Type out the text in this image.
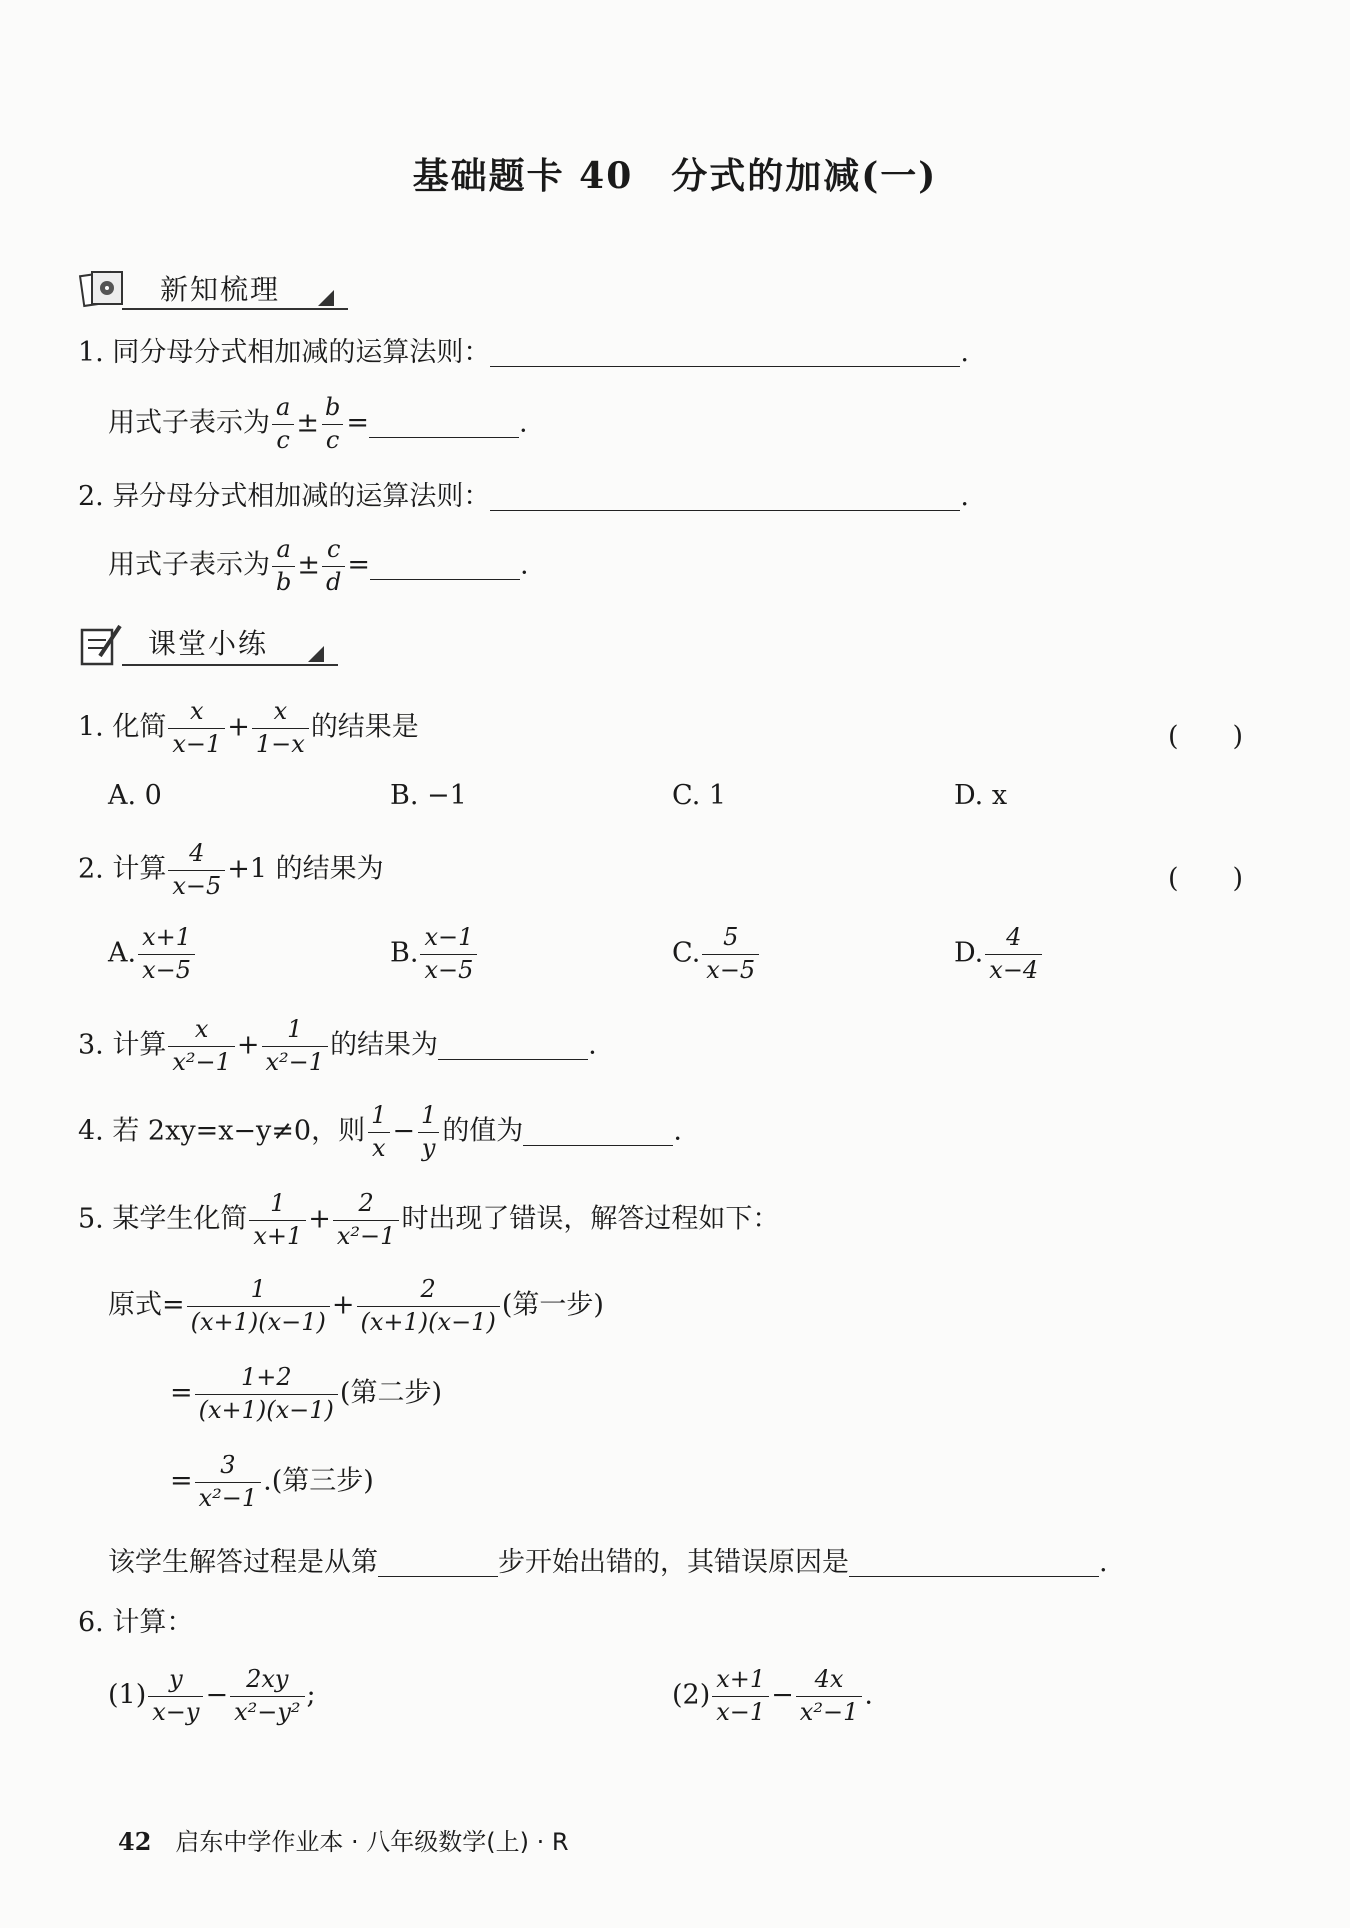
基础题卡 40　分式的加减(一)
新知梳理
1. 同分母分式相加减的运算法则：	.
用式子表示为 $\frac{a}{c} \pm \frac{b}{c}$ =	.
2. 异分母分式相加减的运算法则：	.
用式子表示为 $\frac{a}{b} \pm \frac{c}{d}$ =	.
课堂小练
1. 化简 $\frac{x}{x-1} + \frac{x}{1-x}$ 的结果是	(　　)
A. 0	B. −1	C. 1	D. x
2. 计算 $\frac{4}{x-5} +1$ 的结果为	(　　)
A. $\frac{x+1}{x-5}$	B. $\frac{x-1}{x-5}$	C. $\frac{5}{x-5}$	D. $\frac{4}{x-4}$
3. 计算 $\frac{x}{\text{x²−1}} + \frac{1}{\text{x²−1}}$ 的结果为	.
4. 若 2xy=x−y≠0，则 $\frac{1}{x} - \frac{1}{y}$ 的值为	.
5. 某学生化简 $\frac{1}{x+1} + \frac{2}{\text{x²−1}}$ 时出现了错误，解答过程如下：
原式= $\frac{1}{(x+1)(x-1)} + \frac{2}{(x+1)(x-1)}$ (第一步)
= $\frac{1+2}{(x+1)(x-1)}$ (第二步)
= $\frac{3}{\text{x²−1}}$ .(第三步)
该学生解答过程是从第	步开始出错的，其错误原因是	.
6. 计算：
$(1) \frac{y}{x-y} - \frac{2xy}{\text{x²−y²}}$ ;	$(2) \frac{x+1}{x-1} - \frac{4x}{\text{x²−1}}$ .
42 启东中学作业本 · 八年级数学(上) · R
